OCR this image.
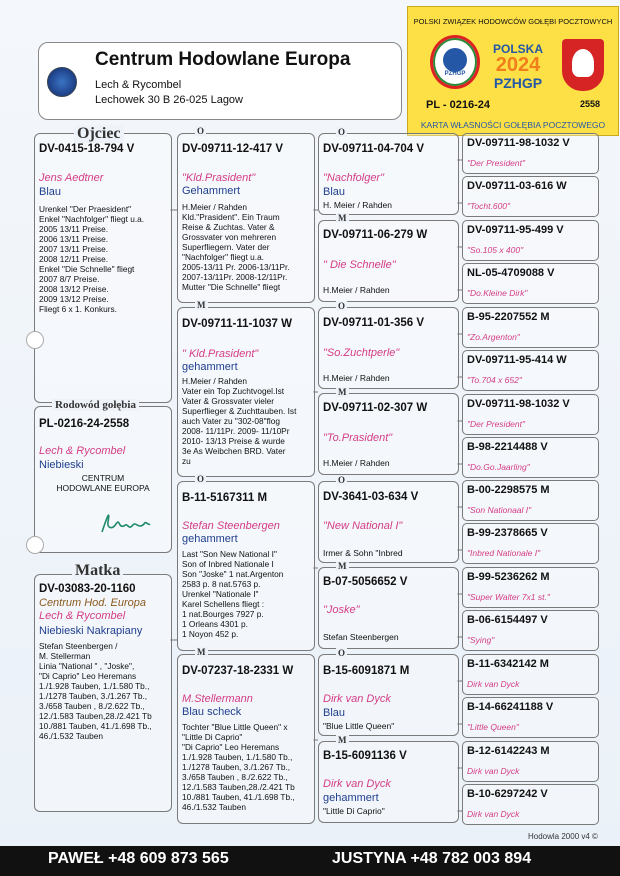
Centrum Hodowlane Europa
Lech & Rycombel
Lechowek 30 B 26-025 Lagow
POLSKI ZWIĄZEK HODOWCÓW GOŁĘBI POCZTOWYCH
PZHGP
POLSKA
2024
PZHGP
PL - 0216-24	2558
KARTA WŁASNOŚCI GOŁĘBIA POCZTOWEGO
DV-0415-18-794 V
Jens Aedtner
Blau
Urenkel "Der Praesident"
Enkel "Nachfolger" fliegt u.a.
2005 13/11 Preise.
2006 13/11 Preise.
2007 13/11 Preise.
2008 12/11 Preise.
Enkel "Die Schnelle" fliegt
2007 8/7 Preise.
2008 13/12 Preise.
2009 13/12 Preise.
Fliegt 6 x 1. Konkurs.
Ojciec
PL-0216-24-2558
Lech & Rycombel
Niebieski
CENTRUM HODOWLANE EUROPA
Rodowód gołębia
DV-03083-20-1160
Centrum Hod. Europa
Lech & Rycombel
Niebieski Nakrapiany
Stefan Steenbergen /
M. Stellerman
Linia "National " , "Joske",
"Di Caprio" Leo Heremans
1./1.928 Tauben, 1./1.580 Tb.,
1./1278 Tauben, 3./1.267 Tb.,
3./658 Tauben , 8./2.622 Tb.,
12./1.583 Tauben,28./2.421 Tb
10./881 Tauben, 41./1.698 Tb.,
46./1.532 Tauben
Matka
DV-09711-12-417 V
"Kld.Prasident"
Gehammert
H.Meier / Rahden
Kld."Prasident". Ein Traum
Reise & Zuchtas. Vater &
Grossvater von mehreren
Superfliegern. Vater der
"Nachfolger" fliegt u.a.
2005-13/11 Pr. 2006-13/11Pr.
2007-13/11Pr. 2008-12/11Pr.
Mutter "Die Schnelle" fliegt
O
DV-09711-11-1037 W
" Kld.Prasident"
gehammert
H.Meier / Rahden
Vater ein Top Zuchtvogel.Ist
Vater & Grossvater vieler
Superflieger & Zuchttauben. Ist
auch Vater zu "302-08"flog
2008- 11/11Pr. 2009- 11/10Pr
2010- 13/13 Preise & wurde
3e As Weibchen BRD. Vater
zu
M
B-11-5167311 M
Stefan Steenbergen
gehammert
Last "Son New National I"
Son of Inbred Nationale I
Son "Joske" 1 nat.Argenton
2583 p. 8 nat.5763 p.
Urenkel "Nationale I"
Karel Schellens fliegt :
1 nat.Bourges 7927 p.
1 Orleans 4301 p.
1 Noyon 452 p.
O
DV-07237-18-2331 W
M.Stellermann
Blau scheck
Tochter "Blue Little Queen" x
"Little Di Caprio"
"Di Caprio" Leo Heremans
1./1.928 Tauben, 1./1.580 Tb.,
1./1278 Tauben, 3./1.267 Tb.,
3./658 Tauben , 8./2.622 Tb.,
12./1.583 Tauben,28./2.421 Tb
10./881 Tauben, 41./1.698 Tb.,
46./1.532 Tauben
M
DV-09711-04-704 V
"Nachfolger"
Blau
H. Meier / Rahden
O
DV-09711-06-279 W
" Die Schnelle"
H.Meier / Rahden
M
DV-09711-01-356 V
"So.Zuchtperle"
H.Meier / Rahden
O
DV-09711-02-307 W
"To.Prasident"
H.Meier / Rahden
M
DV-3641-03-634 V
"New National I"
Irmer & Sohn "Inbred
O
B-07-5056652 V
"Joske"
Stefan Steenbergen
M
B-15-6091871 M
Dirk van Dyck
Blau
"Blue Little Queen"
O
B-15-6091136 V
Dirk van Dyck
gehammert
"Little Di Caprio"
M
DV-09711-98-1032 V
"Der President"
DV-09711-03-616 W
"Tocht.600"
DV-09711-95-499 V
"So.105 x 400"
NL-05-4709088 V
"Do.Kleine Dirk"
B-95-2207552 M
"Zo.Argenton"
DV-09711-95-414 W
"To.704 x 652"
DV-09711-98-1032 V
"Der President"
B-98-2214488 V
"Do.Go.Jaarling"
B-00-2298575 M
"Son Nationaal I"
B-99-2378665 V
"Inbred Nationale I"
B-99-5236262 M
"Super Walter 7x1 st."
B-06-6154497 V
"Sying"
B-11-6342142 M
Dirk van Dyck
B-14-66241188 V
"Little Queen"
B-12-6142243 M
Dirk van Dyck
B-10-6297242 V
Dirk van Dyck
Hodowla 2000 v4 ©
PAWEŁ +48 609 873 565	JUSTYNA +48 782 003 894
